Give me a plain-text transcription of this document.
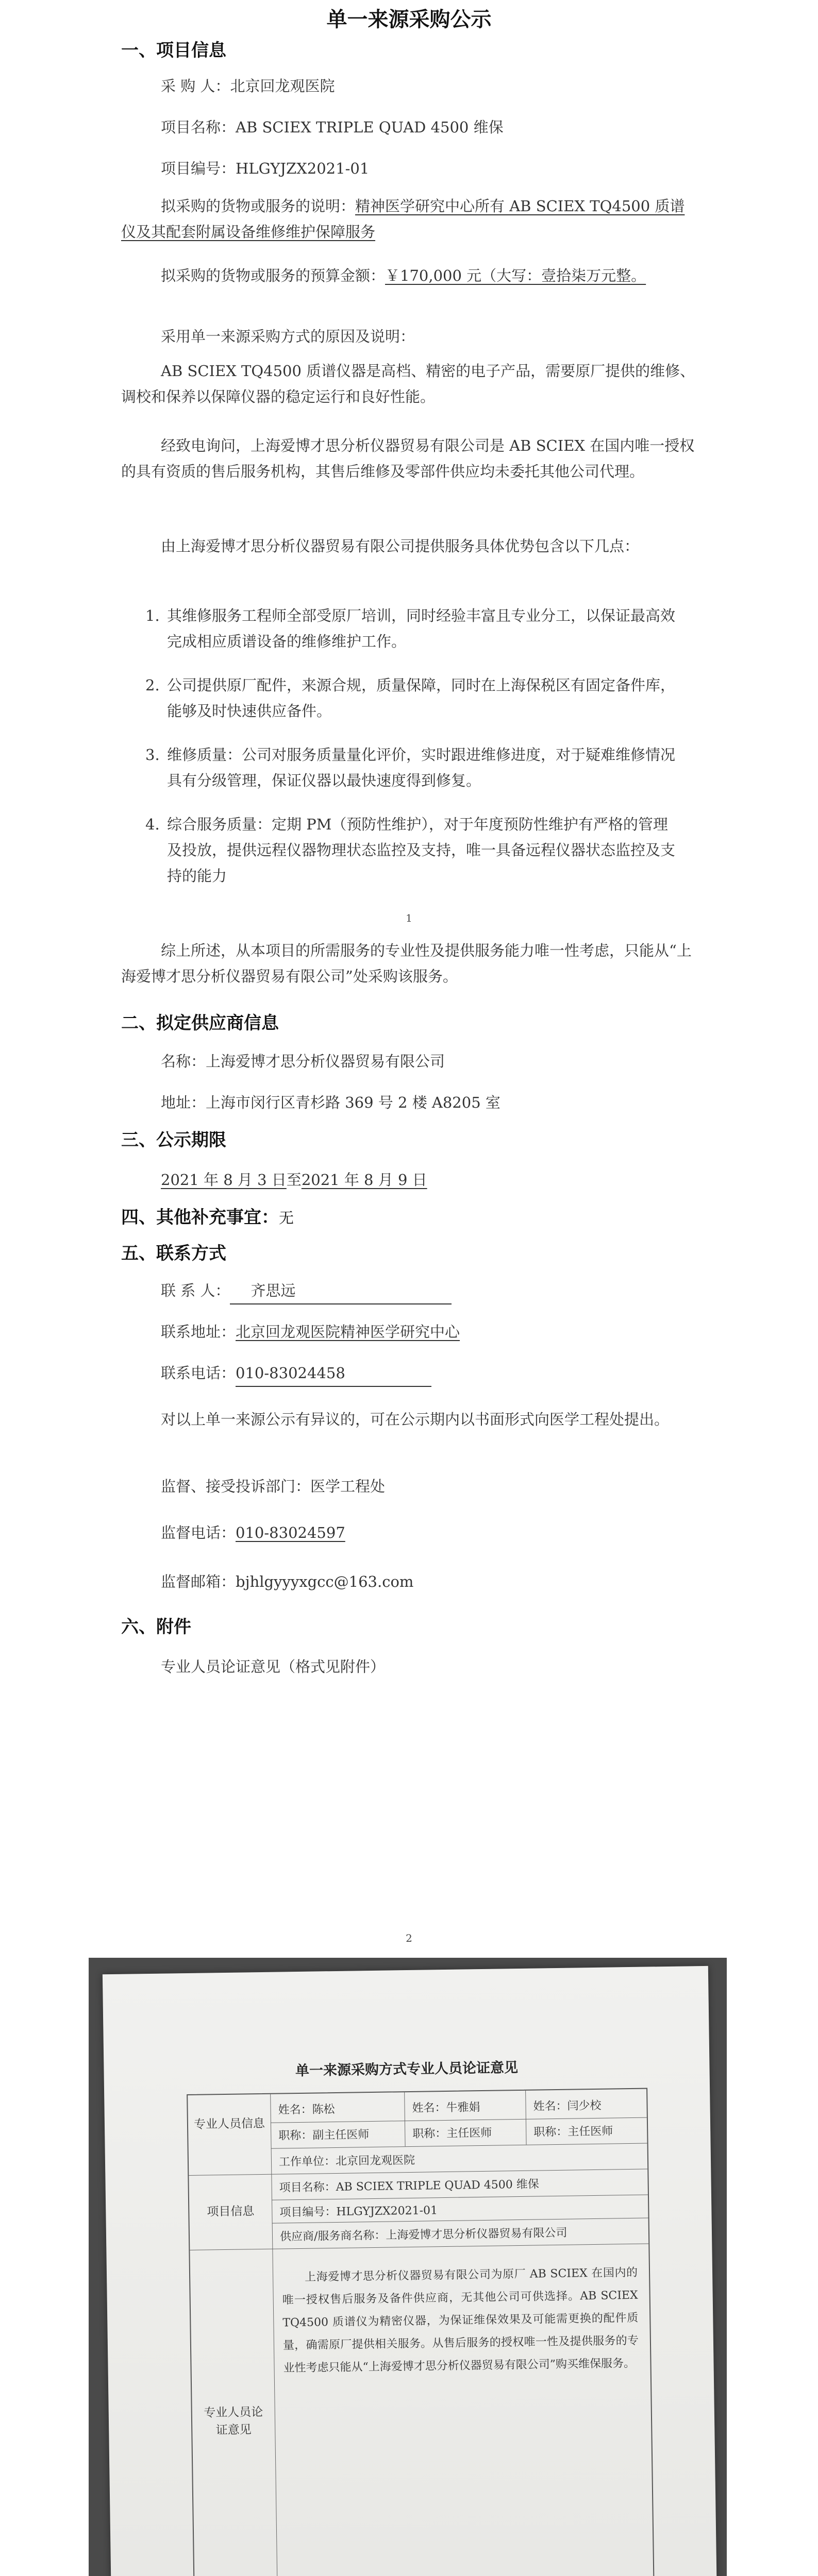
单一来源采购公示
一、项目信息
采 购 人：北京回龙观医院
项目名称：AB SCIEX TRIPLE QUAD 4500 维保
项目编号：HLGYJZX2021-01
拟采购的货物或服务的说明：精神医学研究中心所有 AB SCIEX TQ4500 质谱仪及其配套附属设备维修维护保障服务
拟采购的货物或服务的预算金额：￥170,000 元（大写：壹拾柒万元整。
采用单一来源采购方式的原因及说明：
AB SCIEX TQ4500 质谱仪器是高档、精密的电子产品，需要原厂提供的维修、调校和保养以保障仪器的稳定运行和良好性能。
经致电询问，上海爱博才思分析仪器贸易有限公司是 AB SCIEX 在国内唯一授权的具有资质的售后服务机构，其售后维修及零部件供应均未委托其他公司代理。
由上海爱博才思分析仪器贸易有限公司提供服务具体优势包含以下几点：
1. 其维修服务工程师全部受原厂培训，同时经验丰富且专业分工，以保证最高效完成相应质谱设备的维修维护工作。
2. 公司提供原厂配件，来源合规，质量保障，同时在上海保税区有固定备件库，能够及时快速供应备件。
3. 维修质量：公司对服务质量量化评价，实时跟进维修进度，对于疑难维修情况具有分级管理，保证仪器以最快速度得到修复。
4. 综合服务质量：定期 PM（预防性维护），对于年度预防性维护有严格的管理及投放，提供远程仪器物理状态监控及支持，唯一具备远程仪器状态监控及支持的能力
1
综上所述，从本项目的所需服务的专业性及提供服务能力唯一性考虑，只能从“上海爱博才思分析仪器贸易有限公司”处采购该服务。
二、拟定供应商信息
名称：上海爱博才思分析仪器贸易有限公司
地址：上海市闵行区青杉路 369 号 2 楼 A8205 室
三、公示期限
2021 年 8 月 3 日至2021 年 8 月 9 日
四、其他补充事宜：无
五、联系方式
联 系 人： 齐思远
联系地址：北京回龙观医院精神医学研究中心
联系电话：010-83024458
对以上单一来源公示有异议的，可在公示期内以书面形式向医学工程处提出。
监督、接受投诉部门：医学工程处
监督电话：010-83024597
监督邮箱：bjhlgyyyxgcc@163.com
六、附件
专业人员论证意见（格式见附件）
2
单一来源采购方式专业人员论证意见
专业人员信息
姓名：陈松	姓名：牛雅娟	姓名：闫少校
职称：副主任医师	职称：主任医师	职称：主任医师
工作单位：北京回龙观医院
项目信息
项目名称：AB SCIEX TRIPLE QUAD 4500 维保
项目编号：HLGYJZX2021-01
供应商/服务商名称：上海爱博才思分析仪器贸易有限公司
专业人员论证意见
上海爱博才思分析仪器贸易有限公司为原厂 AB SCIEX 在国内的唯一授权售后服务及备件供应商，无其他公司可供选择。AB SCIEX TQ4500 质谱仪为精密仪器，为保证维保效果及可能需更换的配件质量，确需原厂提供相关服务。从售后服务的授权唯一性及提供服务的专业性考虑只能从“上海爱博才思分析仪器贸易有限公司”购买维保服务。
